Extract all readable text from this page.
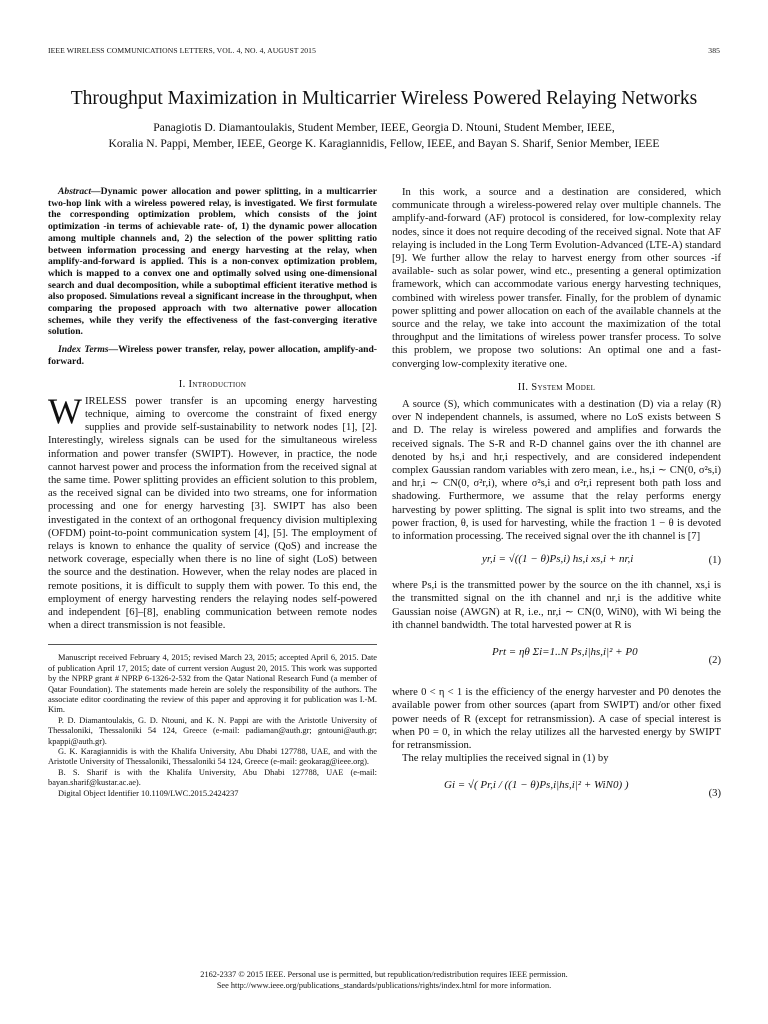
IEEE WIRELESS COMMUNICATIONS LETTERS, VOL. 4, NO. 4, AUGUST 2015	385
Throughput Maximization in Multicarrier Wireless Powered Relaying Networks
Panagiotis D. Diamantoulakis, Student Member, IEEE, Georgia D. Ntouni, Student Member, IEEE,
Koralia N. Pappi, Member, IEEE, George K. Karagiannidis, Fellow, IEEE, and Bayan S. Sharif, Senior Member, IEEE

Abstract—Dynamic power allocation and power splitting, in a multicarrier two-hop link with a wireless powered relay, is investigated. We first formulate the corresponding optimization problem, which consists of the joint optimization -in terms of achievable rate- of, 1) the dynamic power allocation among multiple channels and, 2) the selection of the power splitting ratio between information processing and energy harvesting at the relay, when amplify-and-forward is applied. This is a non-convex optimization problem, which is mapped to a convex one and optimally solved using one-dimensional search and dual decomposition, while a suboptimal efficient iterative method is also proposed. Simulations reveal a significant increase in the throughput, when comparing the proposed approach with two alternative power allocation schemes, while they verify the effectiveness of the fast-converging iterative solution.

Index Terms—Wireless power transfer, relay, power allocation, amplify-and-forward.

I. Introduction

WIRELESS power transfer is an upcoming energy harvesting technique, aiming to overcome the constraint of fixed energy supplies and provide self-sustainability to network nodes [1], [2]. Interestingly, wireless signals can be used for the simultaneous wireless information and power transfer (SWIPT). However, in practice, the node cannot harvest power and process the information from the received signal at the same time. Power splitting provides an efficient solution to this problem, as the received signal can be divided into two streams, one for information processing and one for energy harvesting [3]. SWIPT has also been investigated in the context of an orthogonal frequency division multiplexing (OFDM) point-to-point communication system [4], [5]. The employment of relays is known to enhance the quality of service (QoS) and increase the network coverage, especially when there is no line of sight (LoS) between the source and the destination. However, when the relay nodes are placed in remote positions, it is difficult to supply them with power. To this end, the employment of energy harvesting renders the relaying nodes self-powered and independent [6]–[8], enabling communication between remote nodes when a direct transmission is not feasible.

Manuscript received February 4, 2015; revised March 23, 2015; accepted April 6, 2015. Date of publication April 17, 2015; date of current version August 20, 2015. This work was supported by the NPRP grant # NPRP 6-1326-2-532 from the Qatar National Research Fund (a member of Qatar Foundation). The statements made herein are solely the responsibility of the authors. The associate editor coordinating the review of this paper and approving it for publication was I.-M. Kim.

P. D. Diamantoulakis, G. D. Ntouni, and K. N. Pappi are with the Aristotle University of Thessaloniki, Thessaloniki 54 124, Greece (e-mail: padiaman@auth.gr; gntouni@auth.gr; kpappi@auth.gr).

G. K. Karagiannidis is with the Khalifa University, Abu Dhabi 127788, UAE, and with the Aristotle University of Thessaloniki, Thessaloniki 54 124, Greece (e-mail: geokarag@ieee.org).

B. S. Sharif is with the Khalifa University, Abu Dhabi 127788, UAE (e-mail: bayan.sharif@kustar.ac.ae).

Digital Object Identifier 10.1109/LWC.2015.2424237

In this work, a source and a destination are considered, which communicate through a wireless-powered relay over multiple channels. The amplify-and-forward (AF) protocol is considered, for low-complexity relay nodes, since it does not require decoding of the received signal. Note that AF relaying is included in the Long Term Evolution-Advanced (LTE-A) standard [9]. We further allow the relay to harvest energy from other sources -if available- such as solar power, wind etc., presenting a general optimization framework, which can accommodate various energy harvesting techniques, combined with wireless power transfer. Finally, for the problem of dynamic power splitting and power allocation on each of the available channels at the source and the relay, we take into account the maximization of the total throughput and the limitations of wireless power transfer process. To solve this problem, we propose two solutions: An optimal one and a fast-converging low-complexity iterative one.

II. System Model

A source (S), which communicates with a destination (D) via a relay (R) over N independent channels, is assumed, where no LoS exists between S and D. The relay is wireless powered and amplifies and forwards the received signals. The S-R and R-D channel gains over the ith channel are denoted by hs,i and hr,i respectively, and are considered independent complex Gaussian random variables with zero mean, i.e., hs,i ∼ CN(0, σ²s,i) and hr,i ∼ CN(0, σ²r,i), where σ²s,i and σ²r,i represent both path loss and shadowing. Furthermore, we assume that the relay performs energy harvesting by power splitting. The signal is split into two streams, and the power fraction, θ, is used for harvesting, while the fraction 1 − θ is devoted to information processing. The received signal over the ith channel is [7]

yr,i = √((1 − θ)Ps,i) hs,i xs,i + nr,i	(1)

where Ps,i is the transmitted power by the source on the ith channel, xs,i is the transmitted signal on the ith channel and nr,i is the additive white Gaussian noise (AWGN) at R, i.e., nr,i ∼ CN(0, WiN0), with Wi being the ith channel bandwidth. The total harvested power at R is

Prt = ηθ Σi=1..N Ps,i|hs,i|² + P0
(2)

where 0 < η < 1 is the efficiency of the energy harvester and P0 denotes the available power from other sources (apart from SWIPT) and/or other fixed power needs of R (except for retransmission). A case of special interest is when P0 = 0, in which the relay utilizes all the harvested energy by SWIPT for retransmission.

The relay multiplies the received signal in (1) by

Gi = √( Pr,i / ((1 − θ)Ps,i|hs,i|² + WiN0) )
(3)
2162-2337 © 2015 IEEE. Personal use is permitted, but republication/redistribution requires IEEE permission.
See http://www.ieee.org/publications_standards/publications/rights/index.html for more information.
